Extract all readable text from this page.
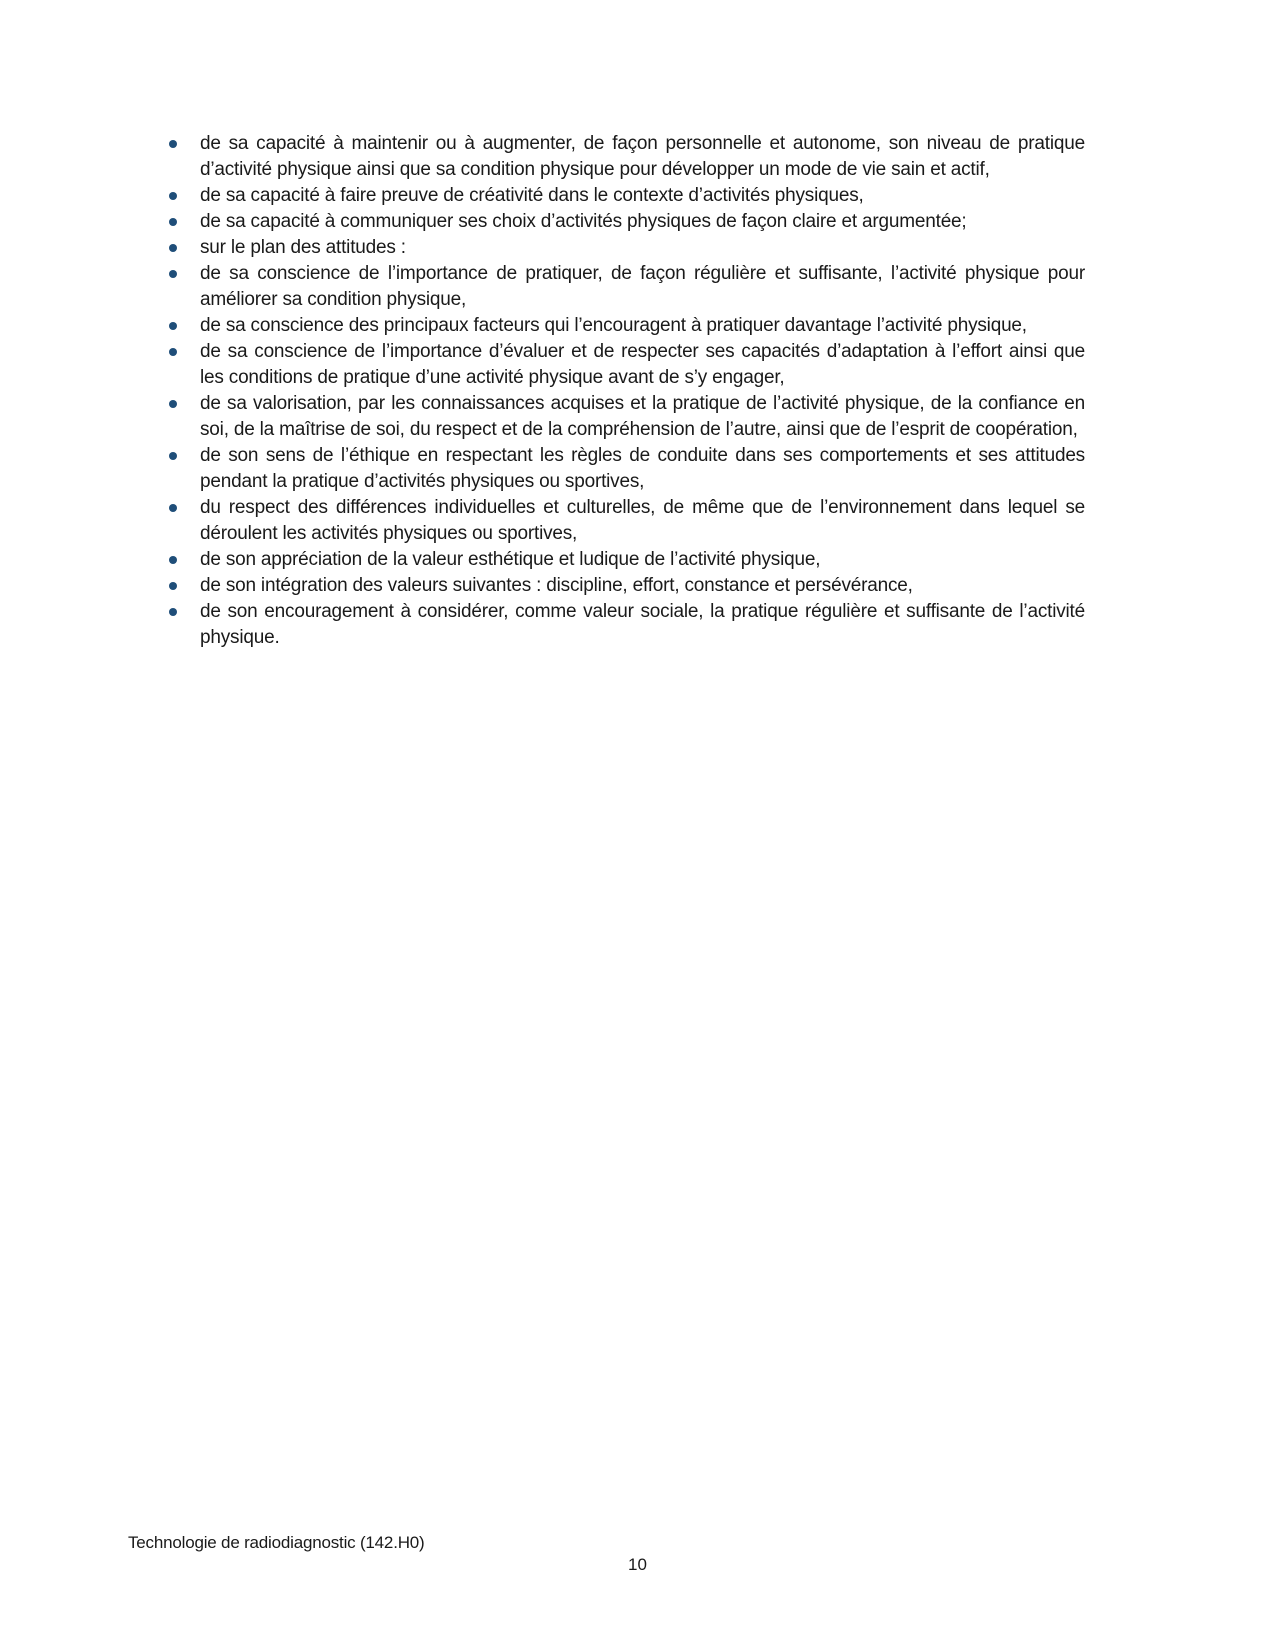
de sa capacité à maintenir ou à augmenter, de façon personnelle et autonome, son niveau de pratique d’activité physique ainsi que sa condition physique pour développer un mode de vie sain et actif,
de sa capacité à faire preuve de créativité dans le contexte d’activités physiques,
de sa capacité à communiquer ses choix d’activités physiques de façon claire et argumentée;
sur le plan des attitudes :
de sa conscience de l’importance de pratiquer, de façon régulière et suffisante, l’activité physique pour améliorer sa condition physique,
de sa conscience des principaux facteurs qui l’encouragent à pratiquer davantage l’activité physique,
de sa conscience de l’importance d’évaluer et de respecter ses capacités d’adaptation à l’effort ainsi que les conditions de pratique d’une activité physique avant de s’y engager,
de sa valorisation, par les connaissances acquises et la pratique de l’activité physique, de la confiance en soi, de la maîtrise de soi, du respect et de la compréhension de l’autre, ainsi que de l’esprit de coopération,
de son sens de l’éthique en respectant les règles de conduite dans ses comportements et ses attitudes pendant la pratique d’activités physiques ou sportives,
du respect des différences individuelles et culturelles, de même que de l’environnement dans lequel se déroulent les activités physiques ou sportives,
de son appréciation de la valeur esthétique et ludique de l’activité physique,
de son intégration des valeurs suivantes : discipline, effort, constance et persévérance,
de son encouragement à considérer, comme valeur sociale, la pratique régulière et suffisante de l’activité physique.
Technologie de radiodiagnostic (142.H0)
10
